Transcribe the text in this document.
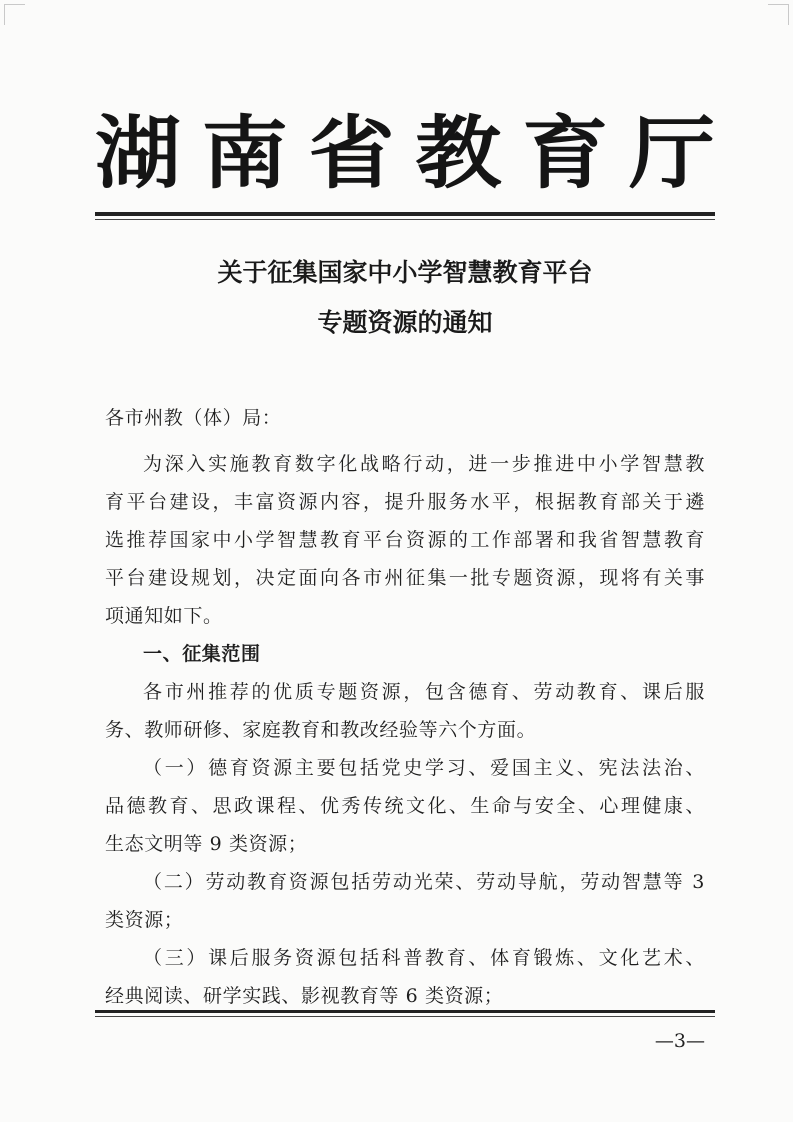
湖 南 省 教 育 厅
关于征集国家中小学智慧教育平台
专题资源的通知
各市州教（体）局：
为深入实施教育数字化战略行动，进一步推进中小学智慧教
育平台建设，丰富资源内容，提升服务水平，根据教育部关于遴
选推荐国家中小学智慧教育平台资源的工作部署和我省智慧教育
平台建设规划，决定面向各市州征集一批专题资源，现将有关事
项通知如下。
一、征集范围
各市州推荐的优质专题资源，包含德育、劳动教育、课后服
务、教师研修、家庭教育和教改经验等六个方面。
（一）德育资源主要包括党史学习、爱国主义、宪法法治、
品德教育、思政课程、优秀传统文化、生命与安全、心理健康、
生态文明等 9 类资源；
（二）劳动教育资源包括劳动光荣、劳动导航，劳动智慧等 3
类资源；
（三）课后服务资源包括科普教育、体育锻炼、文化艺术、
经典阅读、研学实践、影视教育等 6 类资源；
—3—
